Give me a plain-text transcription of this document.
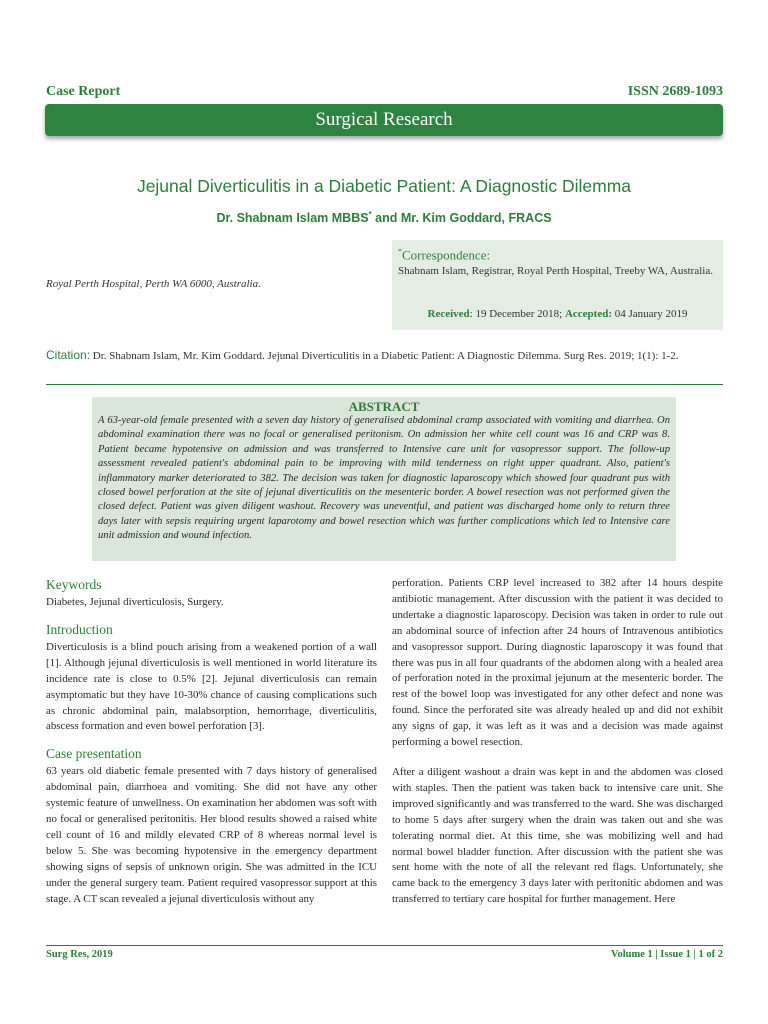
Case Report	ISSN 2689-1093
Surgical Research
Jejunal Diverticulitis in a Diabetic Patient: A Diagnostic Dilemma
Dr. Shabnam Islam MBBS* and Mr. Kim Goddard, FRACS
Royal Perth Hospital, Perth WA 6000, Australia.
*Correspondence:
Shabnam Islam, Registrar, Royal Perth Hospital, Treeby WA, Australia.
Received: 19 December 2018; Accepted: 04 January 2019
Citation: Dr. Shabnam Islam, Mr. Kim Goddard. Jejunal Diverticulitis in a Diabetic Patient: A Diagnostic Dilemma. Surg Res. 2019; 1(1): 1-2.
ABSTRACT
A 63-year-old female presented with a seven day history of generalised abdominal cramp associated with vomiting and diarrhea. On abdominal examination there was no focal or generalised peritonism. On admission her white cell count was 16 and CRP was 8. Patient became hypotensive on admission and was transferred to Intensive care unit for vasopressor support. The follow-up assessment revealed patient's abdominal pain to be improving with mild tenderness on right upper quadrant. Also, patient's inflammatory marker deteriorated to 382. The decision was taken for diagnostic laparoscopy which showed four quadrant pus with closed bowel perforation at the site of jejunal diverticulitis on the mesenteric border. A bowel resection was not performed given the closed defect. Patient was given diligent washout. Recovery was uneventful, and patient was discharged home only to return three days later with sepsis requiring urgent laparotomy and bowel resection which was further complications which led to Intensive care unit admission and wound infection.
Keywords
Diabetes, Jejunal diverticulosis, Surgery.
Introduction
Diverticulosis is a blind pouch arising from a weakened portion of a wall [1]. Although jejunal diverticulosis is well mentioned in world literature its incidence rate is close to 0.5% [2]. Jejunal diverticulosis can remain asymptomatic but they have 10-30% chance of causing complications such as chronic abdominal pain, malabsorption, hemorrhage, diverticulitis, abscess formation and even bowel perforation [3].
Case presentation
63 years old diabetic female presented with 7 days history of generalised abdominal pain, diarrhoea and vomiting. She did not have any other systemic feature of unwellness. On examination her abdomen was soft with no focal or generalised peritonitis. Her blood results showed a raised white cell count of 16 and mildly elevated CRP of 8 whereas normal level is below 5. She was becoming hypotensive in the emergency department showing signs of sepsis of unknown origin. She was admitted in the ICU under the general surgery team. Patient required vasopressor support at this stage. A CT scan revealed a jejunal diverticulosis without any
perforation. Patients CRP level increased to 382 after 14 hours despite antibiotic management. After discussion with the patient it was decided to undertake a diagnostic laparoscopy. Decision was taken in order to rule out an abdominal source of infection after 24 hours of Intravenous antibiotics and vasopressor support. During diagnostic laparoscopy it was found that there was pus in all four quadrants of the abdomen along with a healed area of perforation noted in the proximal jejunum at the mesenteric border. The rest of the bowel loop was investigated for any other defect and none was found. Since the perforated site was already healed up and did not exhibit any signs of gap, it was left as it was and a decision was made against performing a bowel resection.
After a diligent washout a drain was kept in and the abdomen was closed with staples. Then the patient was taken back to intensive care unit. She improved significantly and was transferred to the ward. She was discharged to home 5 days after surgery when the drain was taken out and she was tolerating normal diet. At this time, she was mobilizing well and had normal bowel bladder function. After discussion with the patient she was sent home with the note of all the relevant red flags. Unfortunately, she came back to the emergency 3 days later with peritonitic abdomen and was transferred to tertiary care hospital for further management. Here
Surg Res, 2019	Volume 1 | Issue 1 | 1 of 2
